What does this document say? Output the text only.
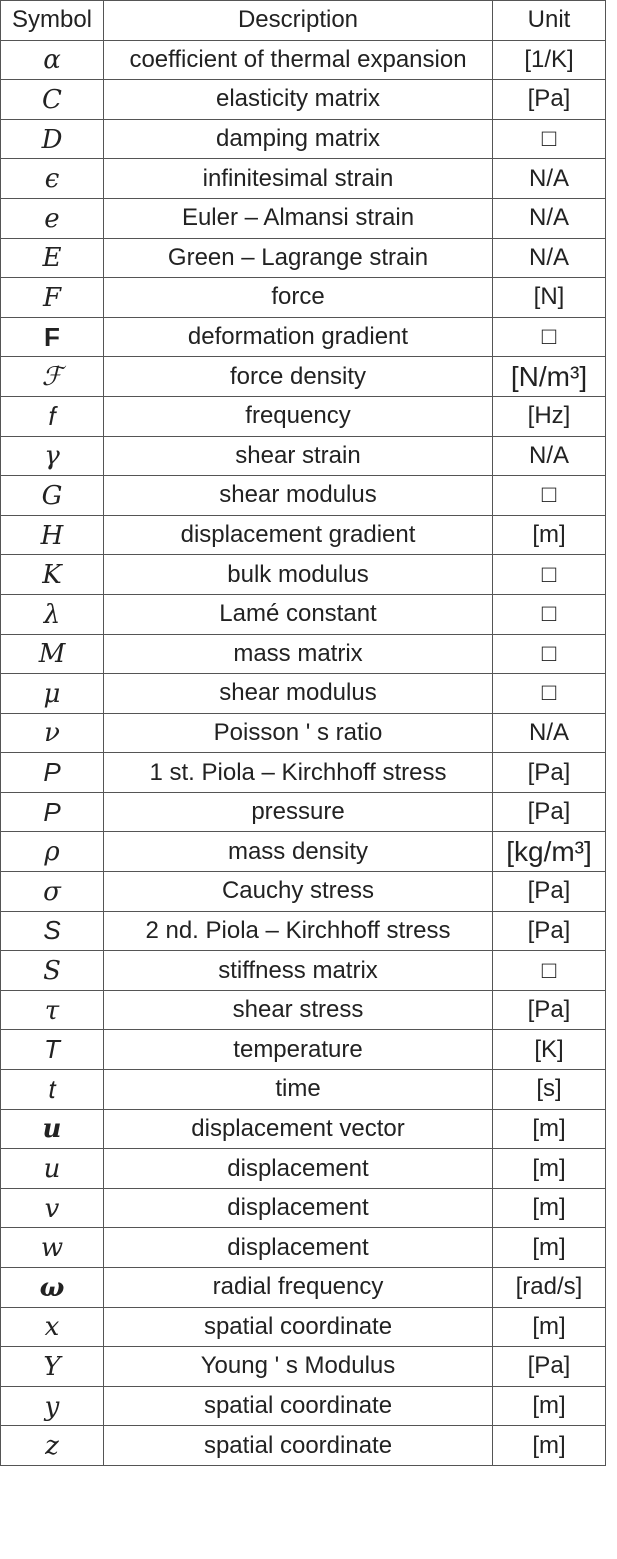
Symbol	Description	Unit
α	coefficient of thermal expansion	[1/K]
C	elasticity matrix	[Pa]
D	damping matrix	□
ϵ	infinitesimal strain	N/A
e	Euler – Almansi strain	N/A
E	Green – Lagrange strain	N/A
F	force	[N]
F	deformation gradient	□
ℱ	force density	[N/m³]
f	frequency	[Hz]
γ	shear strain	N/A
G	shear modulus	□
H	displacement gradient	[m]
K	bulk modulus	□
λ	Lamé constant	□
M	mass matrix	□
μ	shear modulus	□
ν	Poisson ' s ratio	N/A
P	1 st. Piola – Kirchhoff stress	[Pa]
P	pressure	[Pa]
ρ	mass density	[kg/m³]
σ	Cauchy stress	[Pa]
S	2 nd. Piola – Kirchhoff stress	[Pa]
S	stiffness matrix	□
τ	shear stress	[Pa]
T	temperature	[K]
t	time	[s]
u	displacement vector	[m]
u	displacement	[m]
v	displacement	[m]
w	displacement	[m]
ω	radial frequency	[rad/s]
x	spatial coordinate	[m]
Y	Young ' s Modulus	[Pa]
y	spatial coordinate	[m]
z	spatial coordinate	[m]
